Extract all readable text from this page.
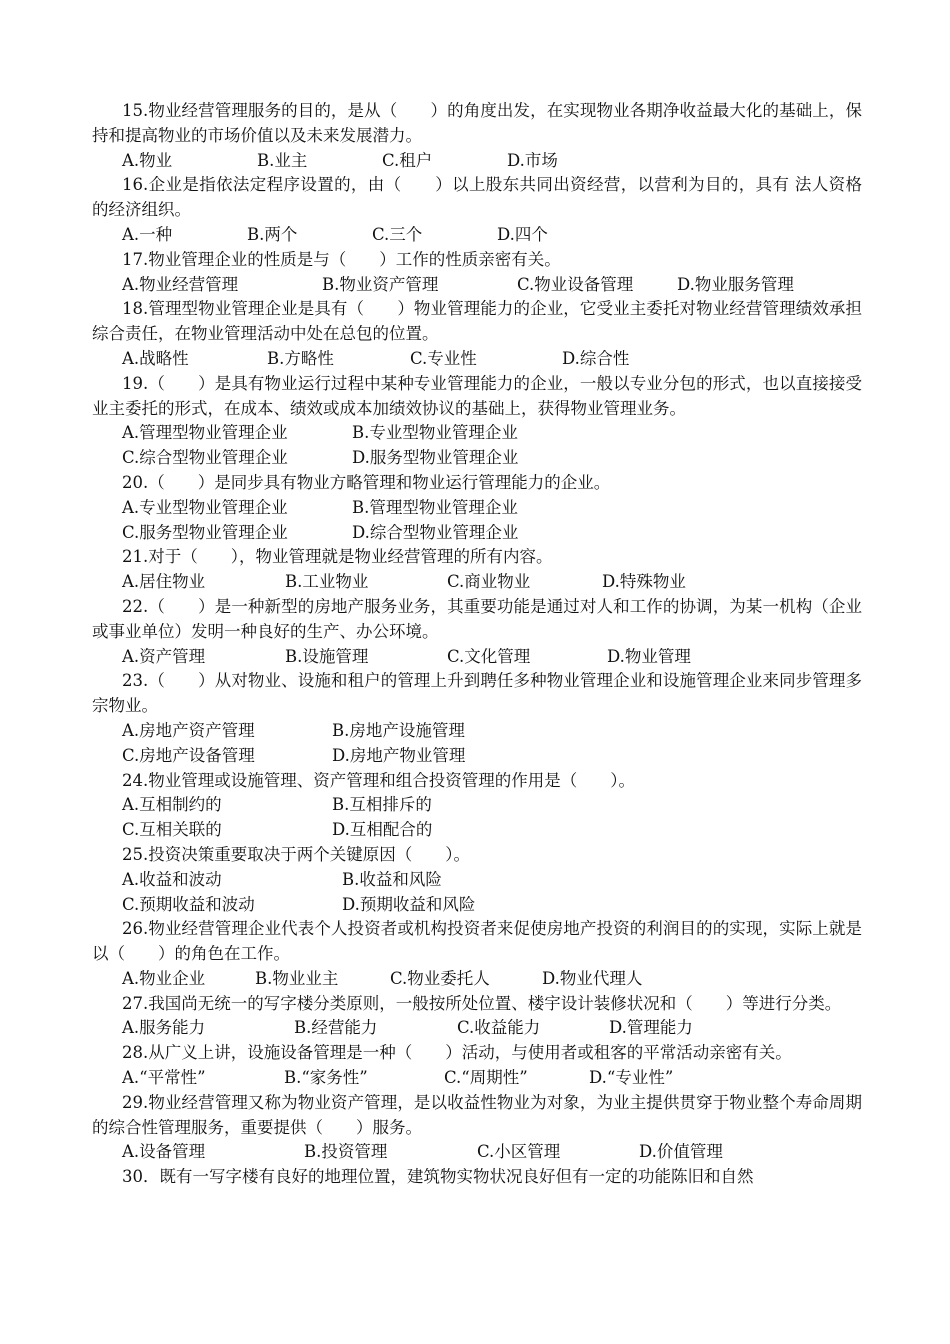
15.物业经营管理服务的目的，是从（　　）的角度出发，在实现物业各期净收益最大化的基础上，保持和提高物业的市场价值以及未来发展潜力。
A.物业	B.业主	C.租户	D.市场
16.企业是指依法定程序设置的，由（　　）以上股东共同出资经营，以营利为目的，具有 法人资格的经济组织。
A.一种	B.两个	C.三个	D.四个
17.物业管理企业的性质是与（　　）工作的性质亲密有关。
A.物业经营管理	B.物业资产管理	C.物业设备管理	D.物业服务管理
18.管理型物业管理企业是具有（　　）物业管理能力的企业，它受业主委托对物业经营管理绩效承担综合责任，在物业管理活动中处在总包的位置。
A.战略性	B.方略性	C.专业性	D.综合性
19.（　　）是具有物业运行过程中某种专业管理能力的企业，一般以专业分包的形式，也以直接接受业主委托的形式，在成本、绩效或成本加绩效协议的基础上，获得物业管理业务。
A.管理型物业管理企业	B.专业型物业管理企业
C.综合型物业管理企业	D.服务型物业管理企业
20.（　　）是同步具有物业方略管理和物业运行管理能力的企业。
A.专业型物业管理企业	B.管理型物业管理企业
C.服务型物业管理企业	D.综合型物业管理企业
21.对于（　　），物业管理就是物业经营管理的所有内容。
A.居住物业	B.工业物业	C.商业物业	D.特殊物业
22.（　　）是一种新型的房地产服务业务，其重要功能是通过对人和工作的协调，为某一机构（企业或事业单位）发明一种良好的生产、办公环境。
A.资产管理	B.设施管理	C.文化管理	D.物业管理
23.（　　）从对物业、设施和租户的管理上升到聘任多种物业管理企业和设施管理企业来同步管理多宗物业。
A.房地产资产管理	B.房地产设施管理
C.房地产设备管理	D.房地产物业管理
24.物业管理或设施管理、资产管理和组合投资管理的作用是（　　）。
A.互相制约的	B.互相排斥的
C.互相关联的	D.互相配合的
25.投资决策重要取决于两个关键原因（　　）。
A.收益和波动	B.收益和风险
C.预期收益和波动	D.预期收益和风险
26.物业经营管理企业代表个人投资者或机构投资者来促使房地产投资的利润目的的实现，实际上就是以（　　）的角色在工作。
A.物业企业	B.物业业主	C.物业委托人	D.物业代理人
27.我国尚无统一的写字楼分类原则，一般按所处位置、楼宇设计装修状况和（　　）等进行分类。
A.服务能力	B.经营能力	C.收益能力	D.管理能力
28.从广义上讲，设施设备管理是一种（　　）活动，与使用者或租客的平常活动亲密有关。
A.“平常性”	B.“家务性”	C.“周期性”	D.“专业性”
29.物业经营管理又称为物业资产管理，是以收益性物业为对象，为业主提供贯穿于物业整个寿命周期的综合性管理服务，重要提供（　　）服务。
A.设备管理	B.投资管理	C.小区管理	D.价值管理
30．既有一写字楼有良好的地理位置，建筑物实物状况良好但有一定的功能陈旧和自然
